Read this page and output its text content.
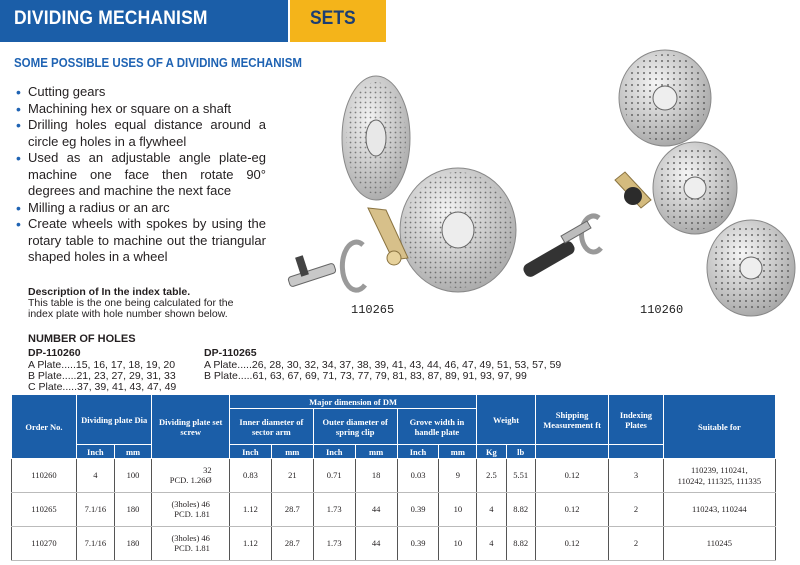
DIVIDING MECHANISM	SETS
SOME POSSIBLE USES OF A DIVIDING MECHANISM
• Cutting gears
• Machining hex or square on a shaft
• Drilling holes equal distance around a circle eg holes in a flywheel
• Used as an adjustable angle plate-eg machine one face then rotate 90° degrees and machine the next face
• Milling a radius or an arc
• Create wheels with spokes by using the rotary table to machine out the triangular shaped holes in a wheel
Description of In the index table.
This table is the one being calculated for the index plate with hole number shown below.	110265	110260
NUMBER OF HOLES
DP-110260
A Plate.....15, 16, 17, 18, 19, 20
B Plate.....21, 23, 27, 29, 31, 33
C Plate.....37, 39, 41, 43, 47, 49
DP-110265
A Plate.....26, 28, 30, 32, 34, 37, 38, 39, 41, 43, 44, 46, 47, 49, 51, 53, 57, 59
B Plate.....61, 63, 67, 69, 71, 73, 77, 79, 81, 83, 87, 89, 91, 93, 97, 99
Order No.	Dividing plate Dia		Dividing plate set screw	Major dimension of DM						Weight		Shipping Measurement ft	Indexing Plates	Suitable for
				Inner diameter of sector arm		Outer diameter of spring clip		Grove width in handle plate						
	Inch	mm		Inch	mm	Inch	mm	Inch	mm	Kg	lb			
110260	4	100	32
PCD. 1.26Ø	0.83	21	0.71	18	0.03	9	2.5	5.51	0.12	3	110239, 110241,
110242, 111325, 111335
110265	7.1/16	180	(3holes) 46
PCD. 1.81	1.12	28.7	1.73	44	0.39	10	4	8.82	0.12	2	110243, 110244
110270	7.1/16	180	(3holes) 46
PCD. 1.81	1.12	28.7	1.73	44	0.39	10	4	8.82	0.12	2	110245
